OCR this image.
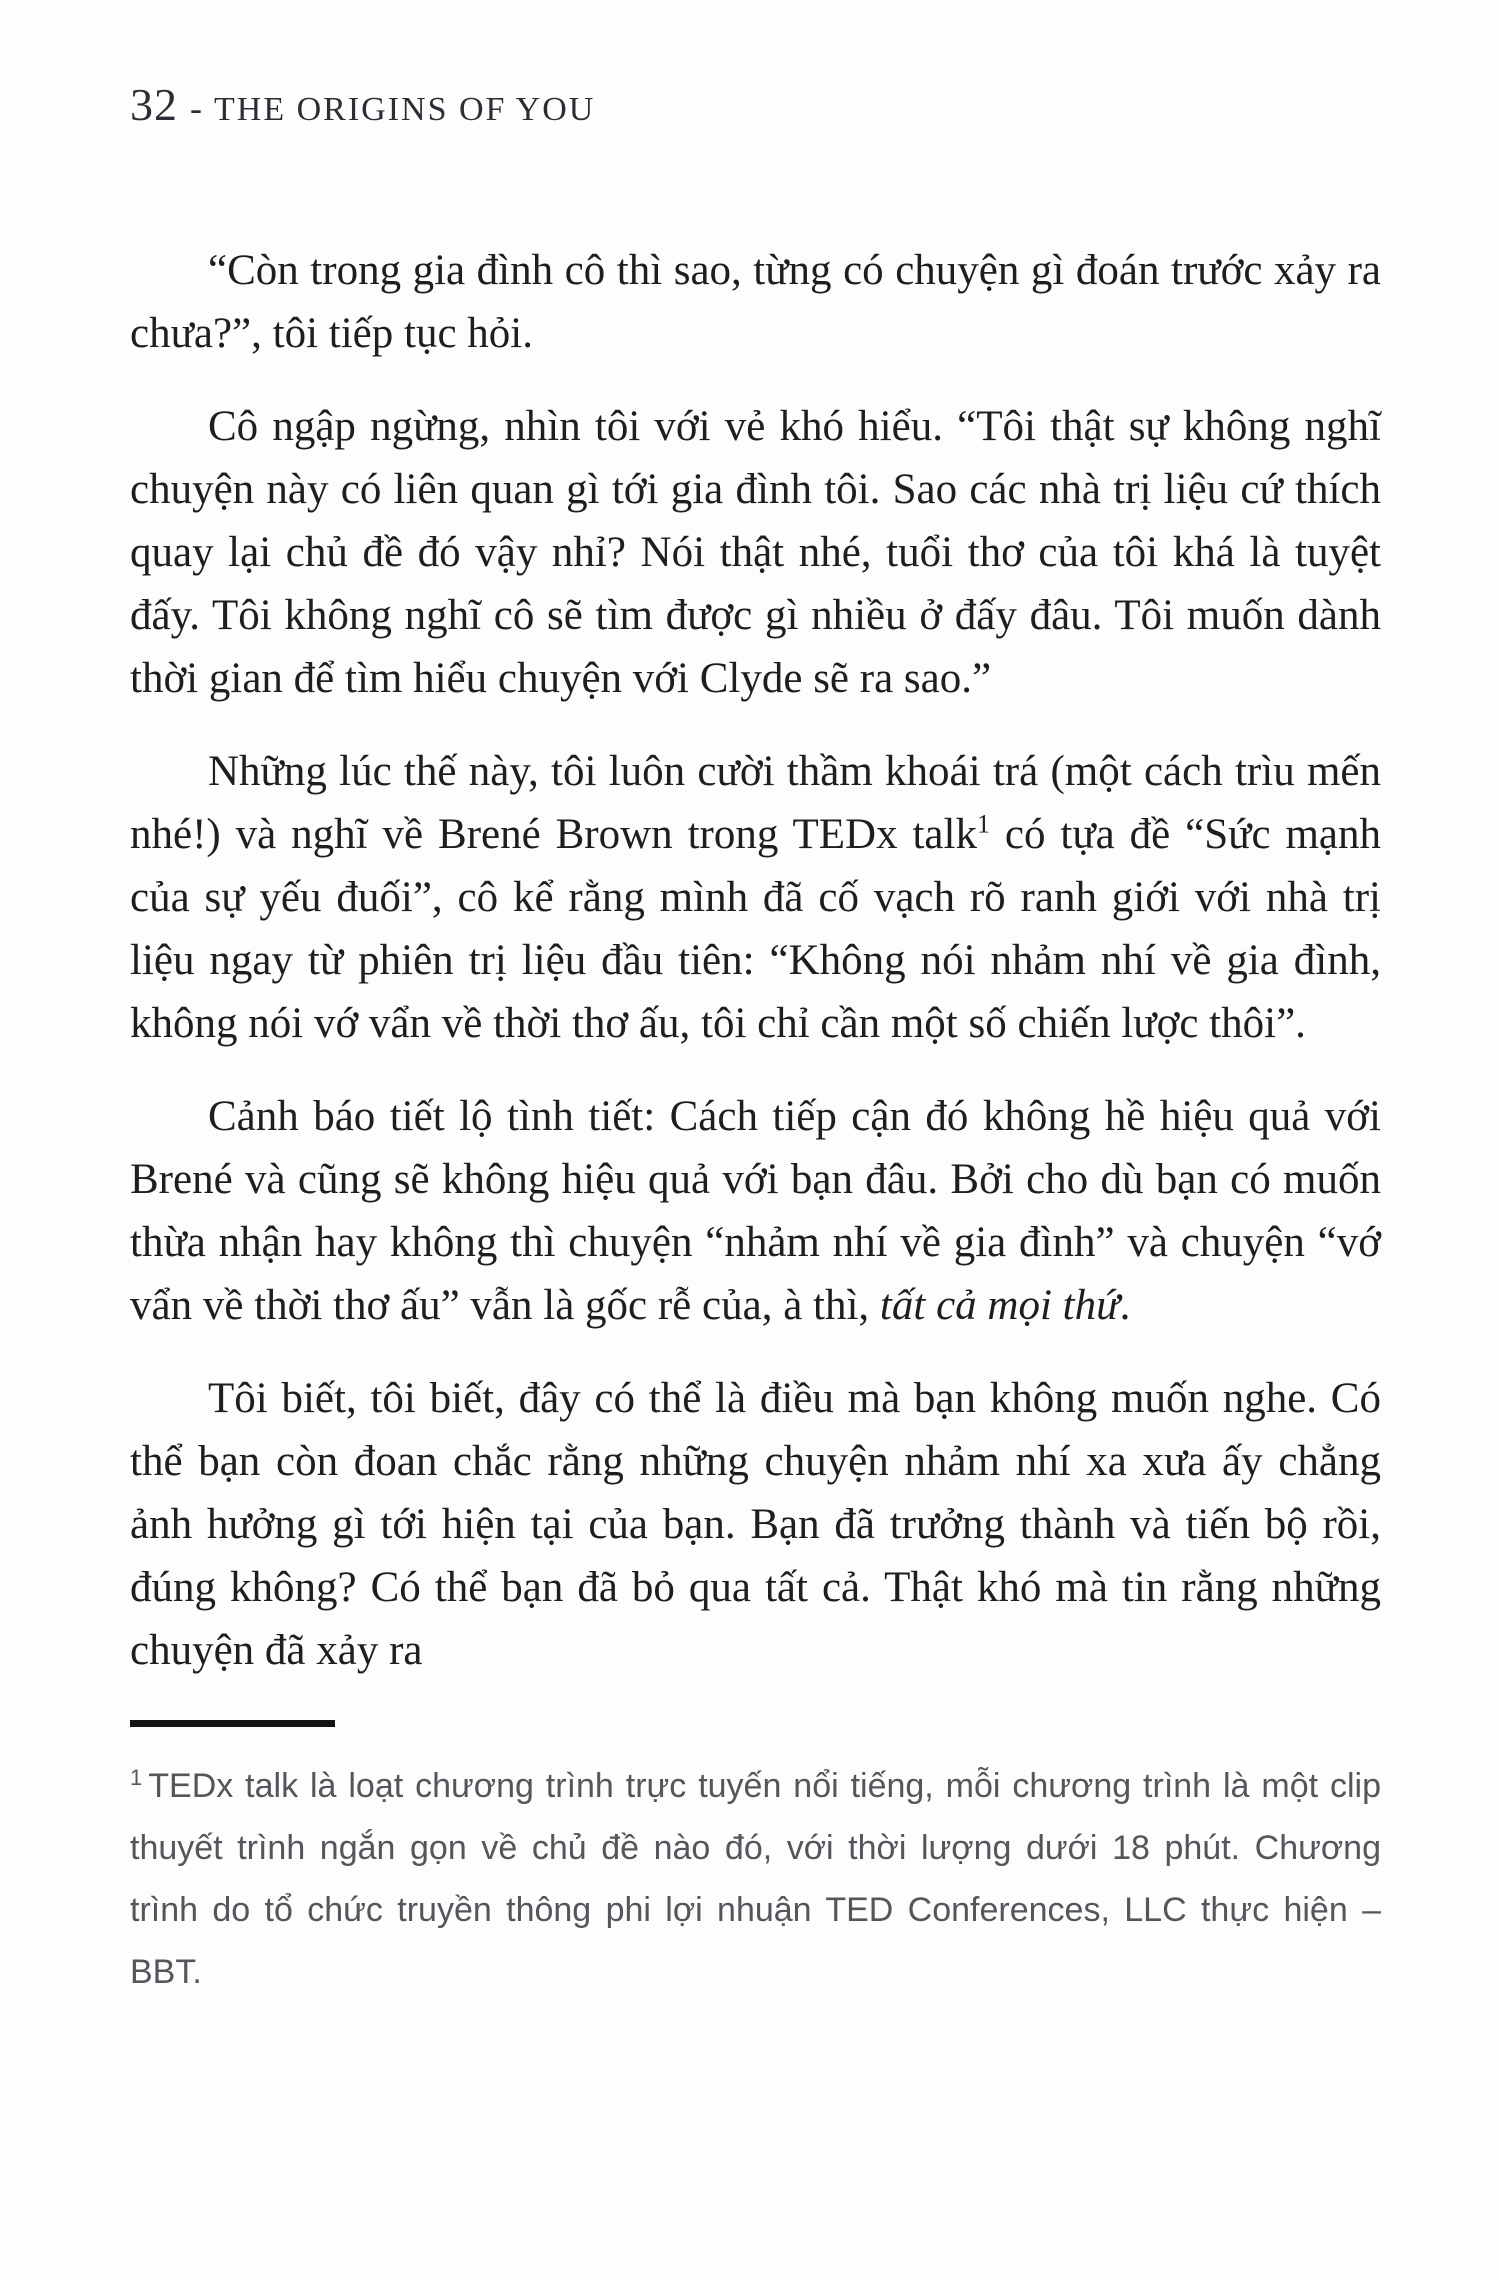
32 - THE ORIGINS OF YOU

“Còn trong gia đình cô thì sao, từng có chuyện gì đoán trước xảy ra chưa?”, tôi tiếp tục hỏi.

Cô ngập ngừng, nhìn tôi với vẻ khó hiểu. “Tôi thật sự không nghĩ chuyện này có liên quan gì tới gia đình tôi. Sao các nhà trị liệu cứ thích quay lại chủ đề đó vậy nhỉ? Nói thật nhé, tuổi thơ của tôi khá là tuyệt đấy. Tôi không nghĩ cô sẽ tìm được gì nhiều ở đấy đâu. Tôi muốn dành thời gian để tìm hiểu chuyện với Clyde sẽ ra sao.”

Những lúc thế này, tôi luôn cười thầm khoái trá (một cách trìu mến nhé!) và nghĩ về Brené Brown trong TEDx talk$^1$ có tựa đề “Sức mạnh của sự yếu đuối”, cô kể rằng mình đã cố vạch rõ ranh giới với nhà trị liệu ngay từ phiên trị liệu đầu tiên: “Không nói nhảm nhí về gia đình, không nói vớ vẩn về thời thơ ấu, tôi chỉ cần một số chiến lược thôi”.

Cảnh báo tiết lộ tình tiết: Cách tiếp cận đó không hề hiệu quả với Brené và cũng sẽ không hiệu quả với bạn đâu. Bởi cho dù bạn có muốn thừa nhận hay không thì chuyện “nhảm nhí về gia đình” và chuyện “vớ vẩn về thời thơ ấu” vẫn là gốc rễ của, à thì, tất cả mọi thứ.

Tôi biết, tôi biết, đây có thể là điều mà bạn không muốn nghe. Có thể bạn còn đoan chắc rằng những chuyện nhảm nhí xa xưa ấy chẳng ảnh hưởng gì tới hiện tại của bạn. Bạn đã trưởng thành và tiến bộ rồi, đúng không? Có thể bạn đã bỏ qua tất cả. Thật khó mà tin rằng những chuyện đã xảy ra

$^1$ TEDx talk là loạt chương trình trực tuyến nổi tiếng, mỗi chương trình là một clip thuyết trình ngắn gọn về chủ đề nào đó, với thời lượng dưới 18 phút. Chương trình do tổ chức truyền thông phi lợi nhuận TED Conferences, LLC thực hiện – BBT.
